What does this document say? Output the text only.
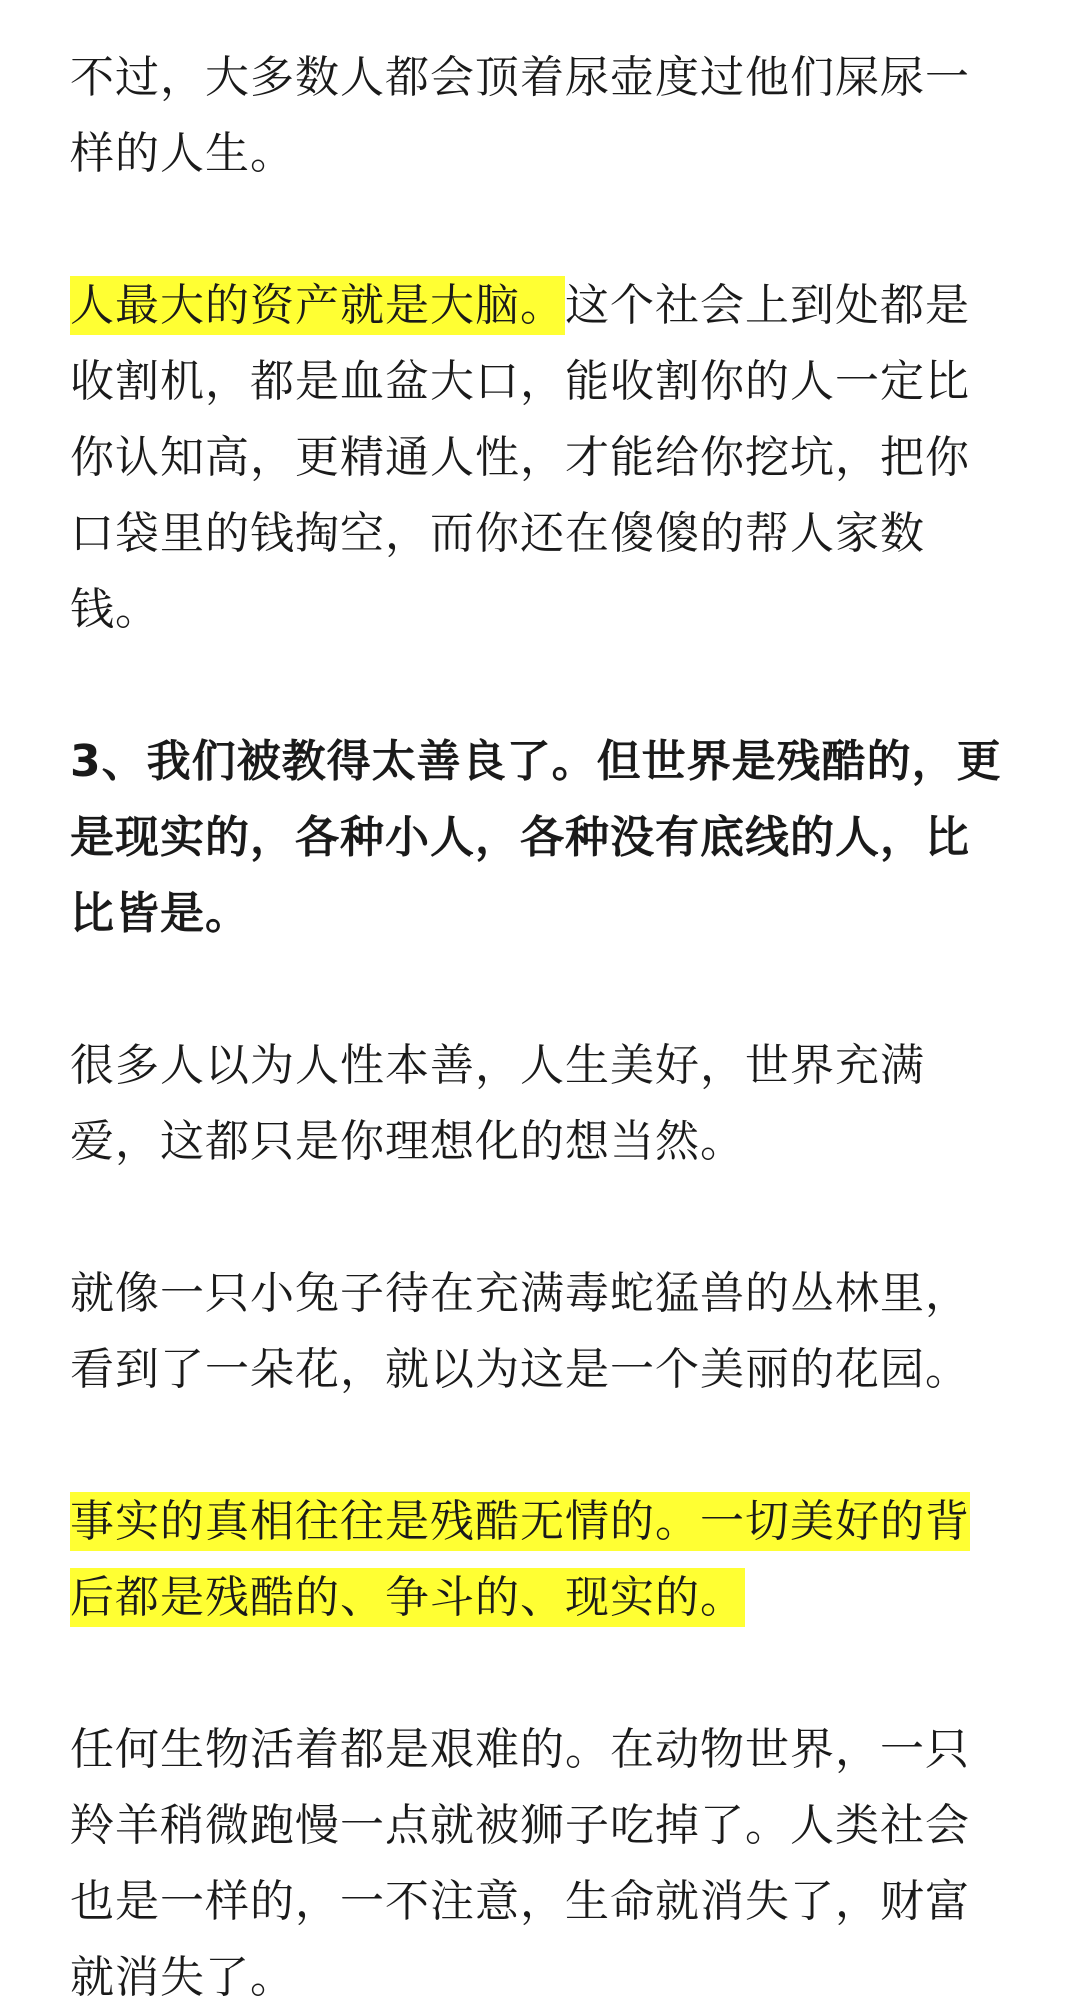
不过，大多数人都会顶着尿壶度过他们屎尿一样的人生。

人最大的资产就是大脑。这个社会上到处都是收割机，都是血盆大口，能收割你的人一定比你认知高，更精通人性，才能给你挖坑，把你口袋里的钱掏空，而你还在傻傻的帮人家数钱。

3、我们被教得太善良了。但世界是残酷的，更是现实的，各种小人，各种没有底线的人，比比皆是。

很多人以为人性本善，人生美好，世界充满爱，这都只是你理想化的想当然。

就像一只小兔子待在充满毒蛇猛兽的丛林里，看到了一朵花，就以为这是一个美丽的花园。

事实的真相往往是残酷无情的。一切美好的背后都是残酷的、争斗的、现实的。

任何生物活着都是艰难的。在动物世界，一只羚羊稍微跑慢一点就被狮子吃掉了。人类社会也是一样的，一不注意，生命就消失了，财富就消失了。
